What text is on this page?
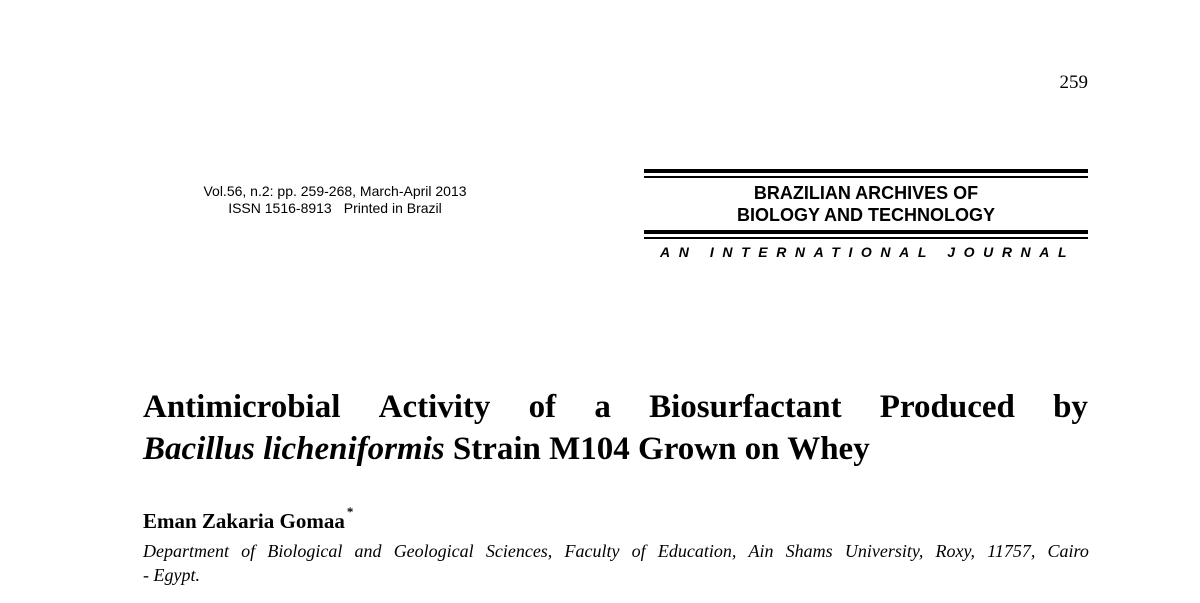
259
Vol.56, n.2: pp. 259-268, March-April 2013
ISSN 1516-8913 Printed in Brazil
BRAZILIAN ARCHIVES OF
BIOLOGY AND TECHNOLOGY
AN INTERNATIONAL JOURNAL
Antimicrobial Activity of a Biosurfactant Produced by
Bacillus licheniformis Strain M104 Grown on Whey
Eman Zakaria Gomaa *
Department of Biological and Geological Sciences, Faculty of Education, Ain Shams University, Roxy, 11757, Cairo
- Egypt.
